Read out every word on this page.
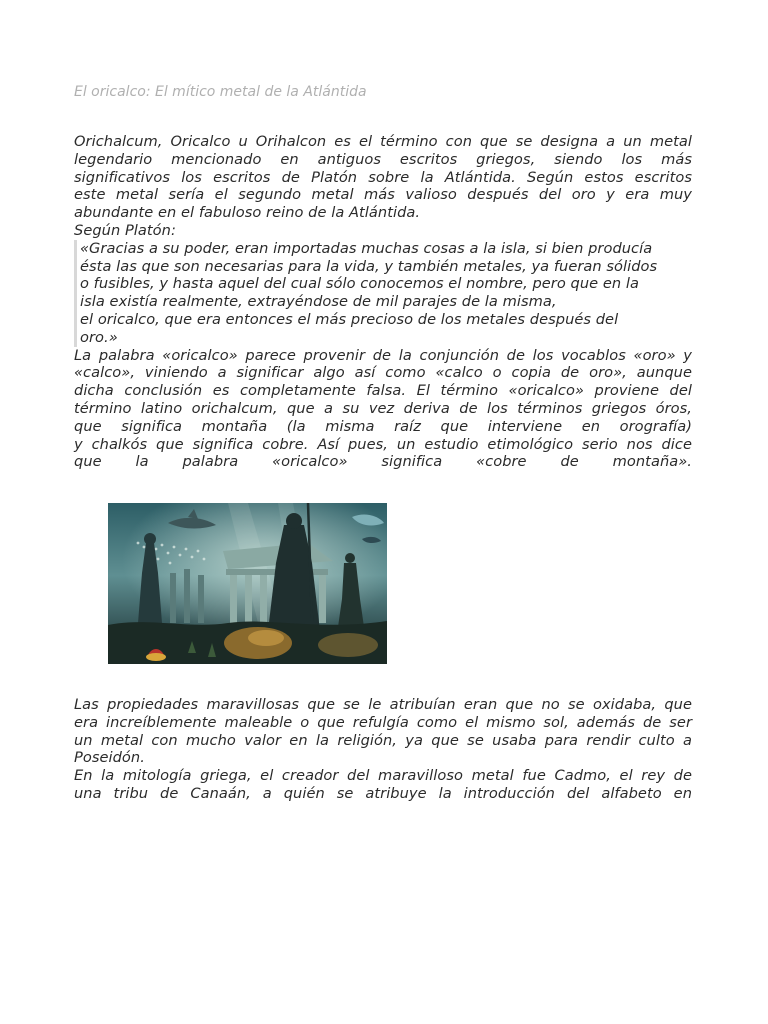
El oricalco: El mítico metal de la Atlántida

Orichalcum, Oricalco u Orihalcon es el término con que se designa a un metal

legendario mencionado en antiguos escritos griegos, siendo los más

significativos los escritos de Platón sobre la Atlántida. Según estos escritos

este metal sería el segundo metal más valioso después del oro y era muy

abundante en el fabuloso reino de la Atlántida.

Según Platón:

«Gracias a su poder, eran importadas muchas cosas a la isla, si bien producía

ésta las que son necesarias para la vida, y también metales, ya fueran sólidos

o fusibles, y hasta aquel del cual sólo conocemos el nombre, pero que en la

isla existía realmente, extrayéndose de mil parajes de la misma,

el oricalco, que era entonces el más precioso de los metales después del

oro.»

La palabra «oricalco» parece provenir de la conjunción de los vocablos «oro» y

«calco», viniendo a significar algo así como «calco o copia de oro», aunque

dicha conclusión es completamente falsa. El término «oricalco» proviene del

término latino orichalcum, que a su vez deriva de los términos griegos óros,

que significa montaña (la misma raíz que interviene en orografía)

y chalkós que significa cobre. Así pues, un estudio etimológico serio nos dice

que la palabra «oricalco» significa «cobre de montaña».

Las propiedades maravillosas que se le atribuían eran que no se oxidaba, que

era increíblemente maleable o que refulgía como el mismo sol, además de ser

un metal con mucho valor en la religión, ya que se usaba para rendir culto a

Poseidón.

En la mitología griega, el creador del maravilloso metal fue Cadmo, el rey de

una tribu de Canaán, a quién se atribuye la introducción del alfabeto en
